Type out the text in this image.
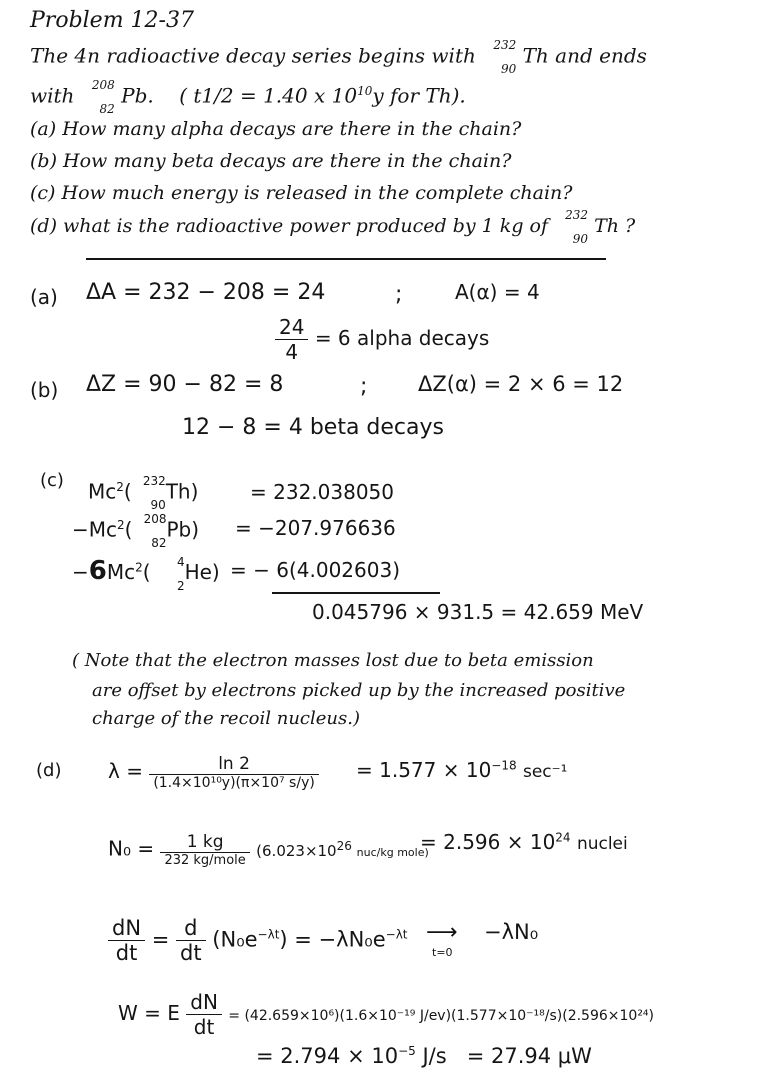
Problem 12-37
The 4n radioactive decay series begins with 232
90
Th and ends
with 208
82
Pb. ( t1/2 = 1.40 x $10^{10}y$ for Th).
(a) How many alpha decays are there in the chain?
(b) How many beta decays are there in the chain?
(c) How much energy is released in the complete chain?
(d) what is the radioactive power produced by 1 kg of 232
90
Th ?
(a) ΔA = 232 − 208 = 24	;	A(α) = 4
$\frac{24}{4} = 6$ alpha decays
(b) ΔZ = 90 − 82 = 8	; ΔZ(α) = 2 × 6 = 12
12 − 8 = 4 beta decays
(c) Mc$^2$( 232
90
Th)	= 232.038050
$-Mc^2$( 208
82
Pb) = −207.976636
$-6Mc^2$( 4
2
He) = − 6(4.002603)
0.045796 × 931.5 = 42.659 MeV
( Note that the electron masses lost due to beta emission
are offset by electrons picked up by the increased positive
charge of the recoil nucleus.)
(d) $\lambda = \frac{\ln 2}{\text{(1.4×10¹⁰y)(π×10⁷ s/y)}} = 1.577 \times 10^{-18}$ sec⁻¹
$N_0 = \frac{1 kg}{\text{232 kg/mole}} (6.023\times 10^{26}$ nuc/kg mole)
= $2.596 \times 10^{24}$ nuclei
$\frac{dN}{dt} = \frac{d}{dt} (N_0e^{-\lambda t}) = -\lambda N_0e^{-\lambda t}$ ⟶
t=0
−λN₀
W = E $\frac{dN}{dt} = (42.659\times 10^6)(1.6\times 10^{-19}$ J/ev)(1.577×10⁻¹⁸/s)(2.596×10²⁴)
= $2.794 \times 10^{-5}$ J/s = 27.94 μW
